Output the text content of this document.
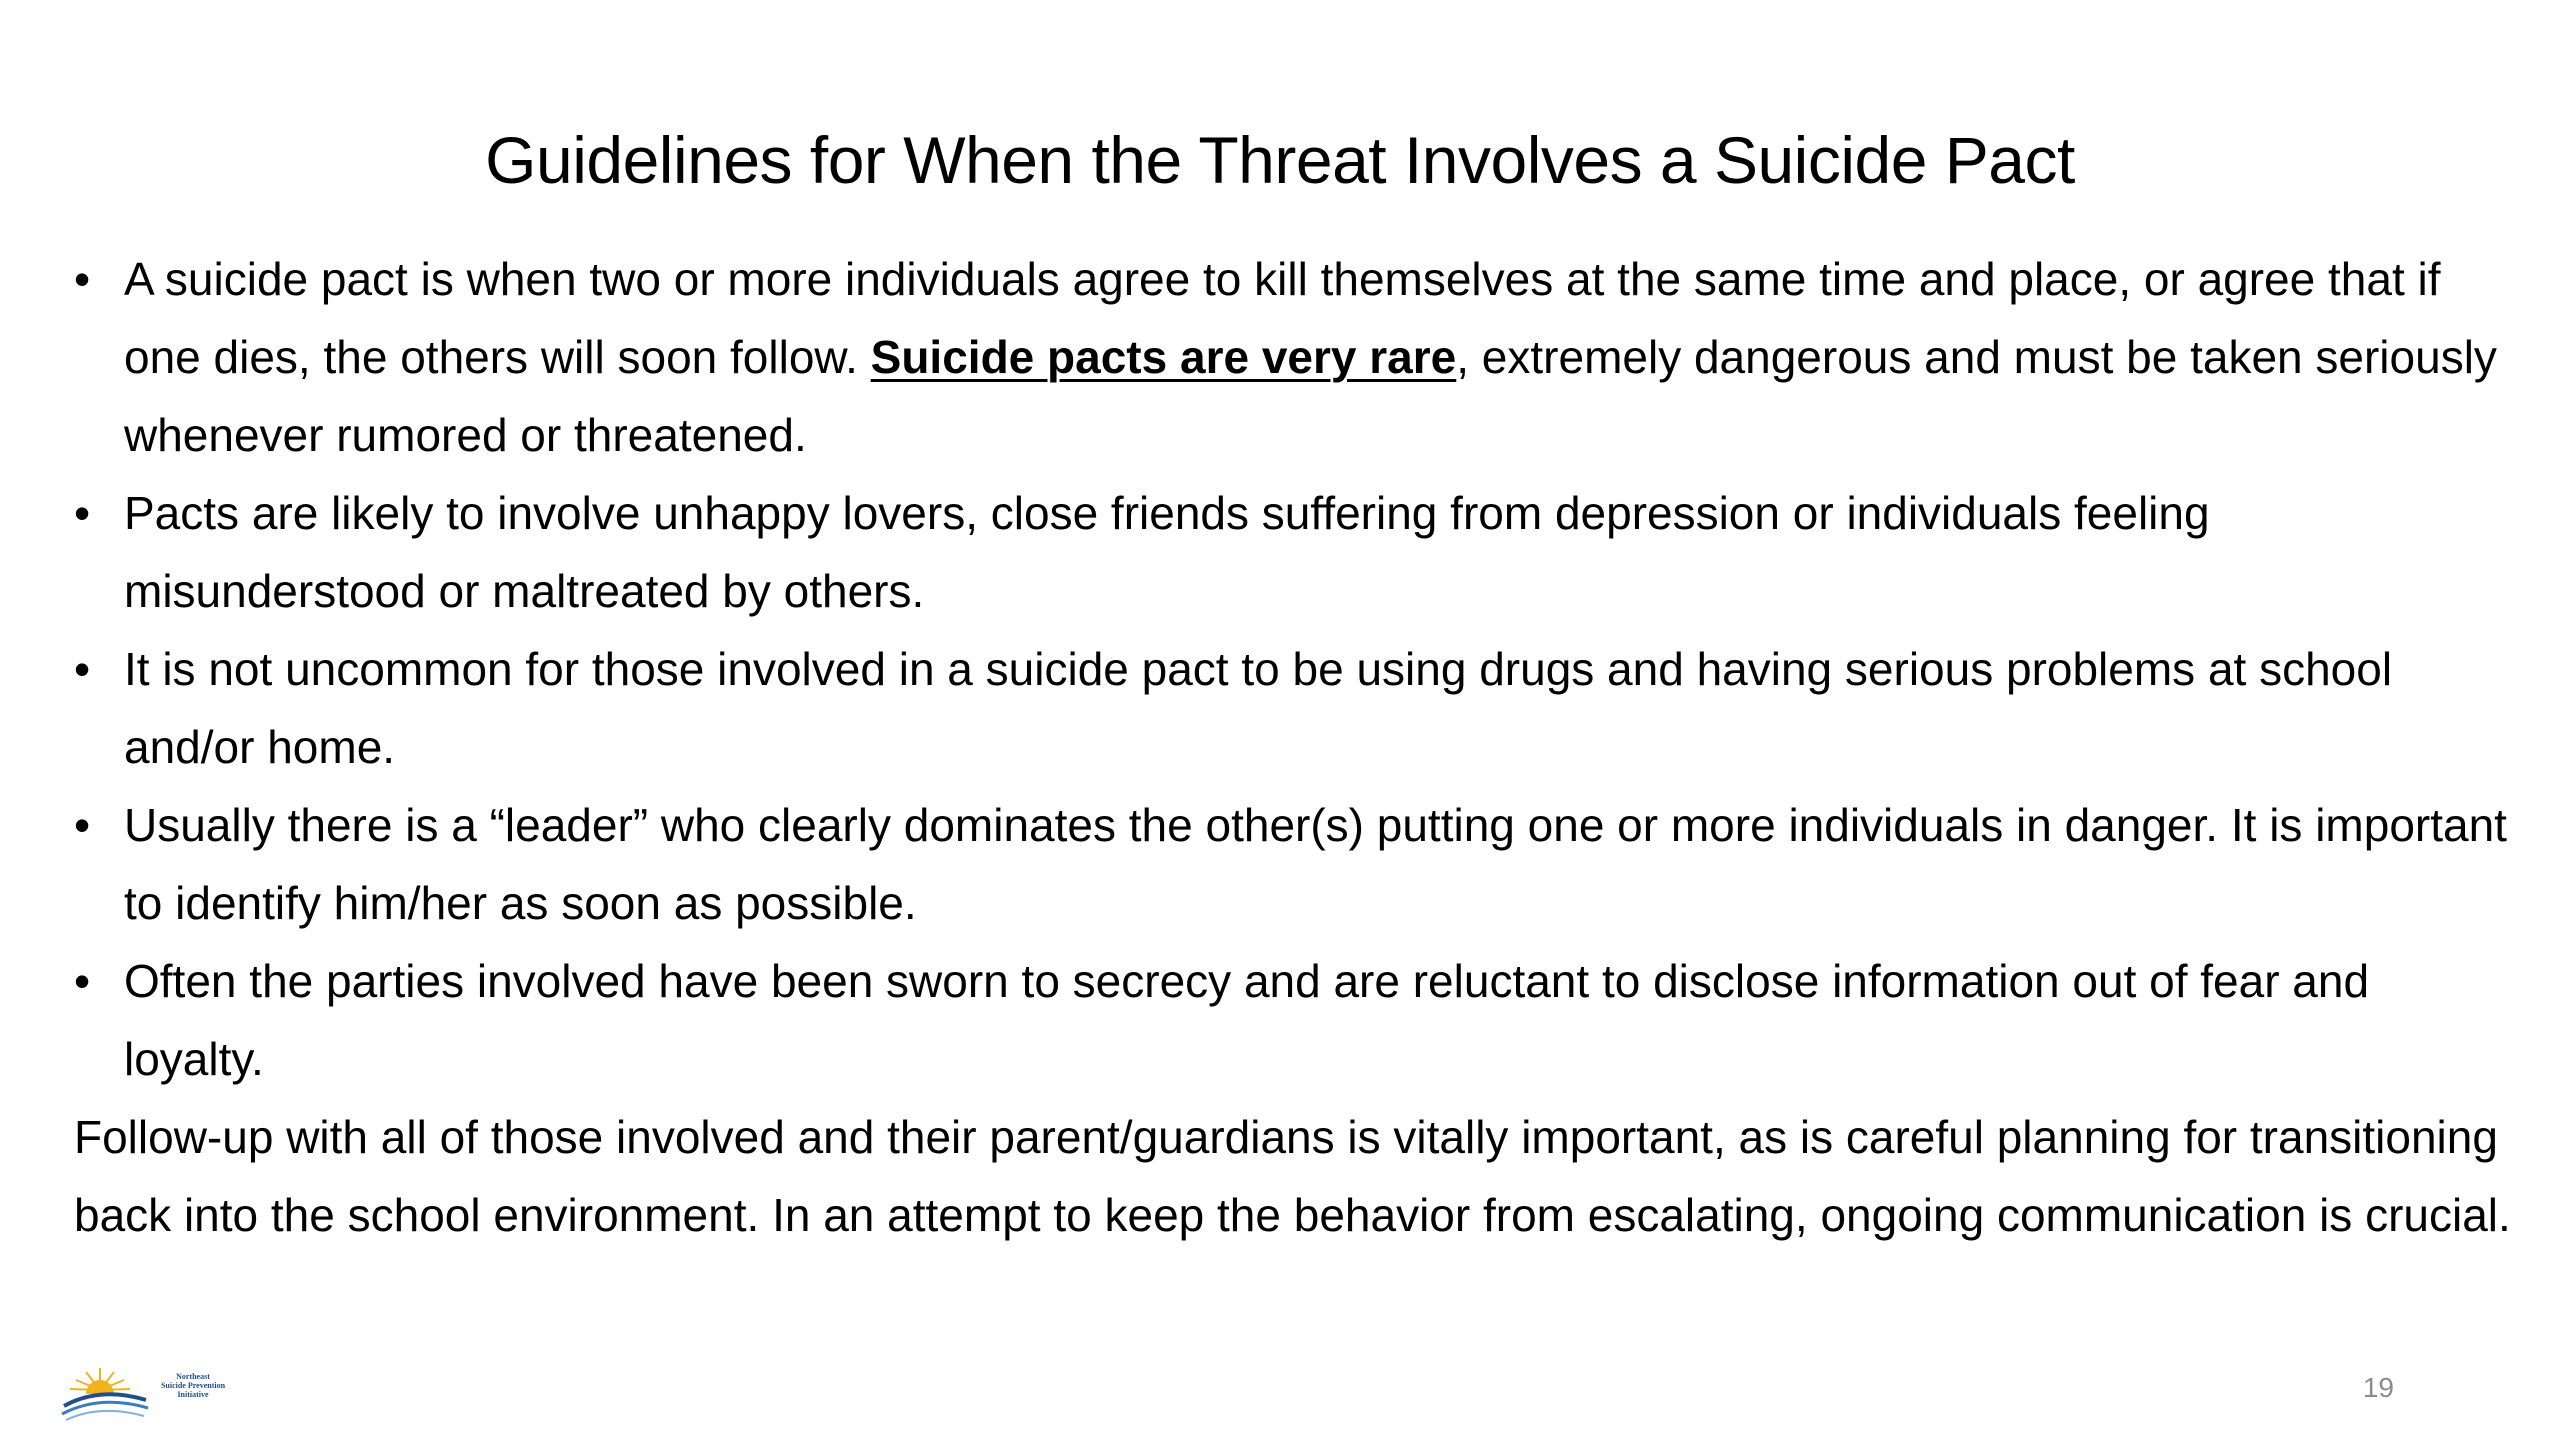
Guidelines for When the Threat Involves a Suicide Pact
• A suicide pact is when two or more individuals agree to kill themselves at the same time and place, or agree that if one dies, the others will soon follow. Suicide pacts are very rare, extremely dangerous and must be taken seriously whenever rumored or threatened.
• Pacts are likely to involve unhappy lovers, close friends suffering from depression or individuals feeling misunderstood or maltreated by others.
• It is not uncommon for those involved in a suicide pact to be using drugs and having serious problems at school and/or home.
• Usually there is a “leader” who clearly dominates the other(s) putting one or more individuals in danger. It is important to identify him/her as soon as possible.
• Often the parties involved have been sworn to secrecy and are reluctant to disclose information out of fear and loyalty.

Follow-up with all of those involved and their parent/guardians is vitally important, as is careful planning for transitioning back into the school environment. In an attempt to keep the behavior from escalating, ongoing communication is crucial.

Northeast
Suicide Prevention
Initiative	19
